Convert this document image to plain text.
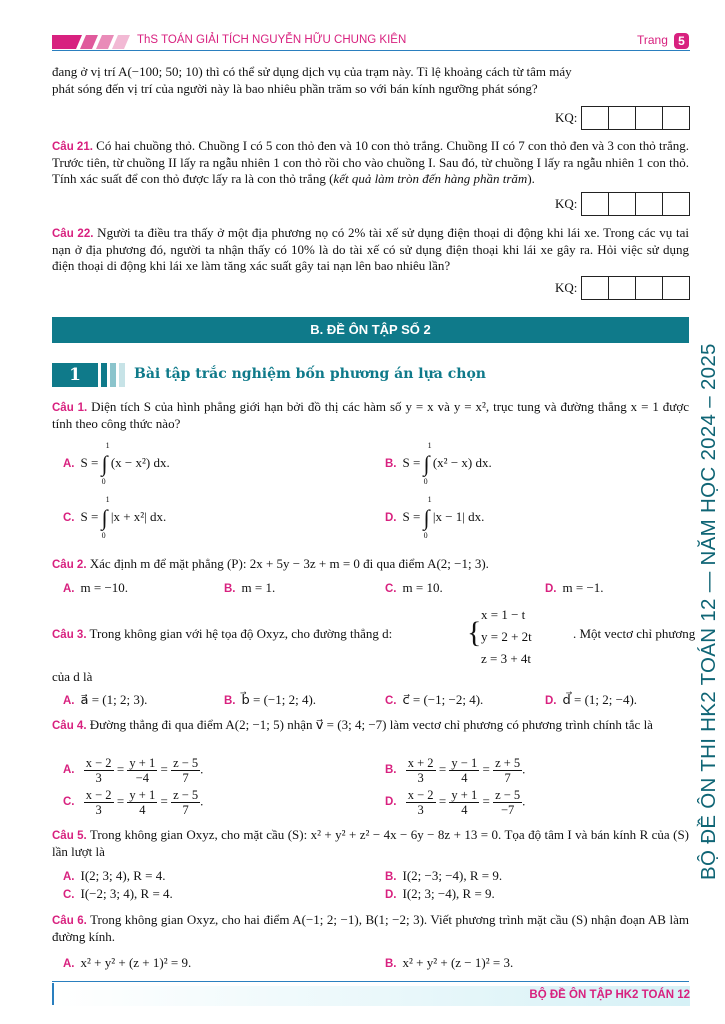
ThS TOÁN GIẢI TÍCH NGUYỄN HỮU CHUNG KIÊN	Trang 5
đang ở vị trí A(−100; 50; 10) thì có thể sử dụng dịch vụ của trạm này. Tỉ lệ khoảng cách từ tâm máy
phát sóng đến vị trí của người này là bao nhiêu phần trăm so với bán kính ngưỡng phát sóng?
KQ:
Câu 21. Có hai chuồng thỏ. Chuồng I có 5 con thỏ đen và 10 con thỏ trắng. Chuồng II có 7 con thỏ đen và 3 con thỏ trắng. Trước tiên, từ chuồng II lấy ra ngẫu nhiên 1 con thỏ rồi cho vào chuồng I. Sau đó, từ chuồng I lấy ra ngẫu nhiên 1 con thỏ. Tính xác suất để con thỏ được lấy ra là con thỏ trắng (kết quả làm tròn đến hàng phần trăm).
KQ:
Câu 22. Người ta điều tra thấy ở một địa phương nọ có 2% tài xế sử dụng điện thoại di động khi lái xe. Trong các vụ tai nạn ở địa phương đó, người ta nhận thấy có 10% là do tài xế có sử dụng điện thoại khi lái xe gây ra. Hỏi việc sử dụng điện thoại di động khi lái xe làm tăng xác suất gây tai nạn lên bao nhiêu lần?
KQ:
B. ĐỀ ÔN TẬP SỐ 2
1	Bài tập trắc nghiệm bốn phương án lựa chọn
Câu 1. Diện tích S của hình phẳng giới hạn bởi đồ thị các hàm số y = x và y = x², trục tung và đường thẳng x = 1 được tính theo công thức nào?
A. S = ∫
1
0
(x − x²) dx.	B. S = ∫
1
0
(x² − x) dx.
C. S = ∫
1
0
|x + x²| dx.	D. S = ∫
1
0
|x − 1| dx.
Câu 2. Xác định m để mặt phẳng (P): 2x + 5y − 3z + m = 0 đi qua điểm A(2; −1; 3).
A. m = −10.	B. m = 1.	C. m = 10.	D. m = −1.
Câu 3. Trong không gian với hệ tọa độ Oxyz, cho đường thẳng d: {
x = 1 − t
y = 2 + 2t
z = 3 + 4t
. Một vectơ chỉ phương
của d là
A. a⃗ = (1; 2; 3).	B. b⃗ = (−1; 2; 4).	C. c⃗ = (−1; −2; 4).	D. d⃗ = (1; 2; −4).
Câu 4. Đường thẳng đi qua điểm A(2; −1; 5) nhận v⃗ = (3; 4; −7) làm vectơ chỉ phương có phương trình chính tắc là
A. $\frac{x - 2}{3} = \frac{y + 1}{-4} = \frac{z - 5}{7}$ .	B. $\frac{x + 2}{3} = \frac{y - 1}{4} = \frac{z + 5}{7}$ .
C. $\frac{x - 2}{3} = \frac{y + 1}{4} = \frac{z - 5}{7}$ .	D. $\frac{x - 2}{3} = \frac{y + 1}{4} = \frac{z - 5}{-7}$ .
Câu 5. Trong không gian Oxyz, cho mặt cầu (S): x² + y² + z² − 4x − 6y − 8z + 13 = 0. Tọa độ tâm I và bán kính R của (S) lần lượt là
A. I(2; 3; 4), R = 4.	B. I(2; −3; −4), R = 9.
C. I(−2; 3; 4), R = 4.	D. I(2; 3; −4), R = 9.
Câu 6. Trong không gian Oxyz, cho hai điểm A(−1; 2; −1), B(1; −2; 3). Viết phương trình mặt cầu (S) nhận đoạn AB làm đường kính.
A. x² + y² + (z + 1)² = 9.	B. x² + y² + (z − 1)² = 3.
BỘ ĐỀ ÔN THI HK2 TOÁN 12 — NĂM HỌC 2024 – 2025
BỘ ĐỀ ÔN TẬP HK2 TOÁN 12
